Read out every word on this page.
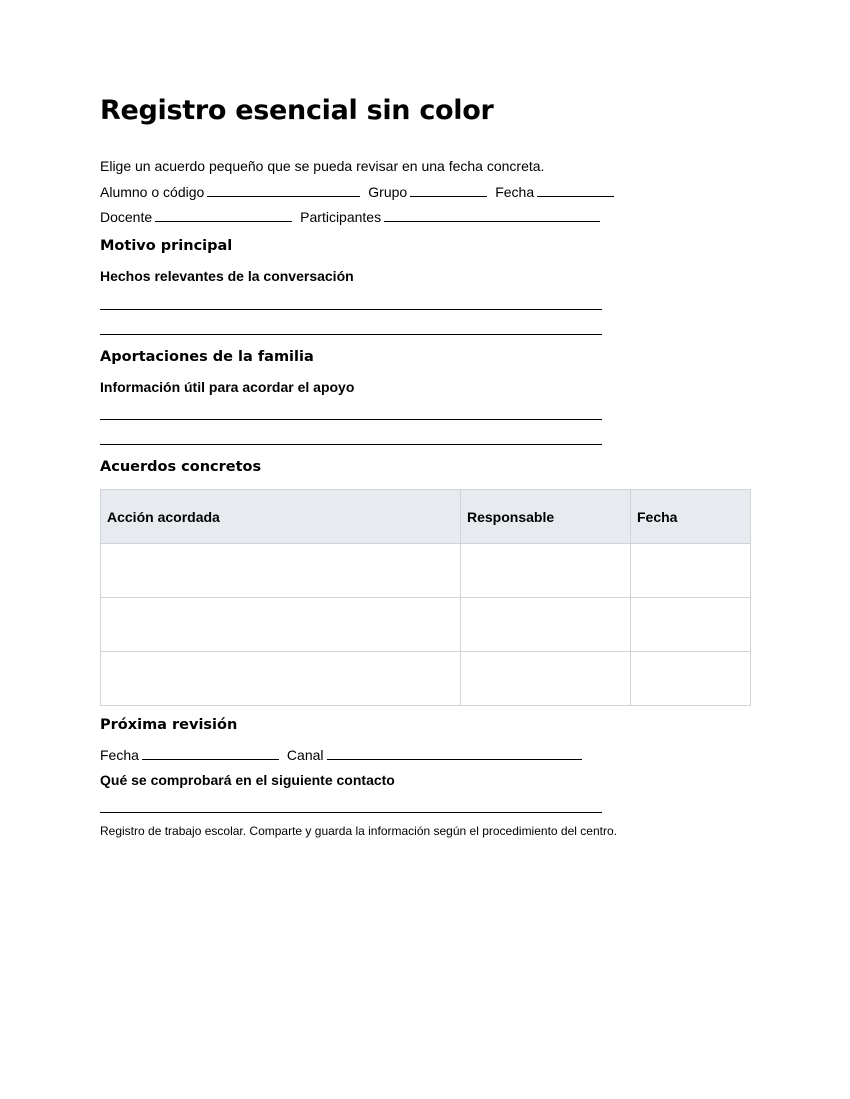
Registro esencial sin color
Elige un acuerdo pequeño que se pueda revisar en una fecha concreta.
Alumno o código	Grupo	Fecha
Docente	Participantes
Motivo principal
Hechos relevantes de la conversación
Aportaciones de la familia
Información útil para acordar el apoyo
Acuerdos concretos
Acción acordada	Responsable	Fecha

Próxima revisión
Fecha	Canal
Qué se comprobará en el siguiente contacto
Registro de trabajo escolar. Comparte y guarda la información según el procedimiento del centro.
